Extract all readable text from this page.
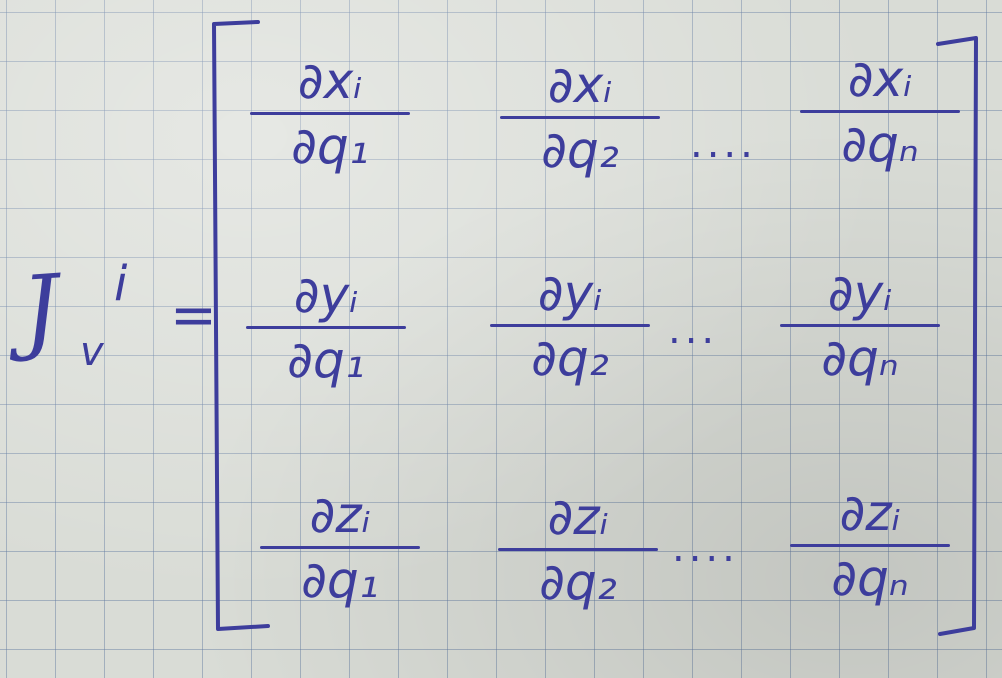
J i
v
=
∂xᵢ
∂q₁
∂xᵢ
∂q₂	....
∂xᵢ
∂qₙ
∂yᵢ
∂q₁
∂yᵢ
∂q₂	...
∂yᵢ
∂qₙ
∂zᵢ
∂q₁
∂zᵢ
∂q₂
....
∂zᵢ
∂qₙ
